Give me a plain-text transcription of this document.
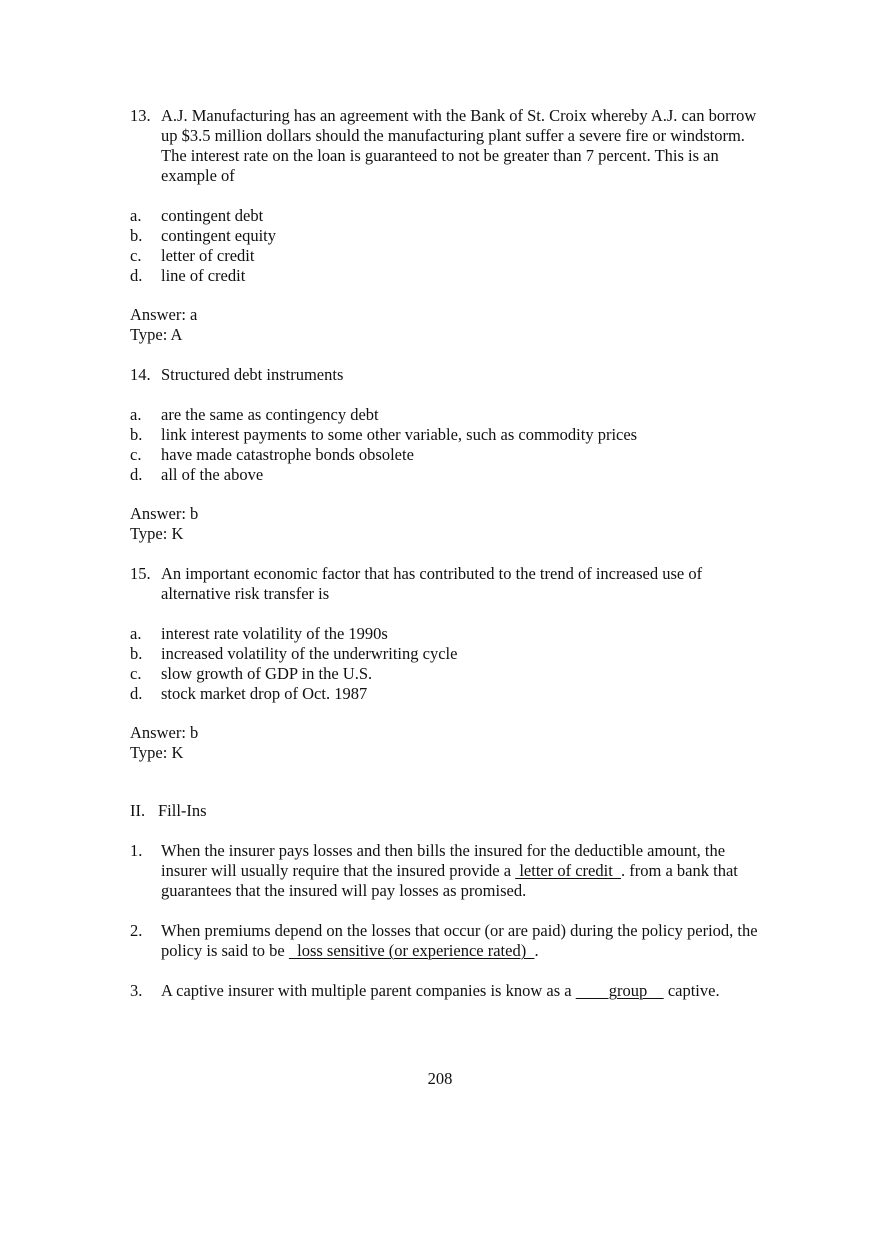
13. A.J. Manufacturing has an agreement with the Bank of St. Croix whereby A.J. can borrow up $3.5 million dollars should the manufacturing plant suffer a severe fire or windstorm. The interest rate on the loan is guaranteed to not be greater than 7 percent. This is an example of
a.	contingent debt
b.	contingent equity
c.	letter of credit
d.	line of credit
Answer: a
Type: A
14. Structured debt instruments
a.	are the same as contingency debt
b.	link interest payments to some other variable, such as commodity prices
c.	have made catastrophe bonds obsolete
d.	all of the above
Answer: b
Type: K
15. An important economic factor that has contributed to the trend of increased use of alternative risk transfer is
a.	interest rate volatility of the 1990s
b.	increased volatility of the underwriting cycle
c.	slow growth of GDP in the U.S.
d.	stock market drop of Oct. 1987
Answer: b
Type: K
II. Fill-Ins
1.	When the insurer pays losses and then bills the insured for the deductible amount, the insurer will usually require that the insured provide a  letter of credit  . from a bank that guarantees that the insured will pay losses as promised.
2.	When premiums depend on the losses that occur (or are paid) during the policy period, the policy is said to be   loss sensitive (or experience rated)  .
3.	A captive insurer with multiple parent companies is know as a         group     captive.
208
